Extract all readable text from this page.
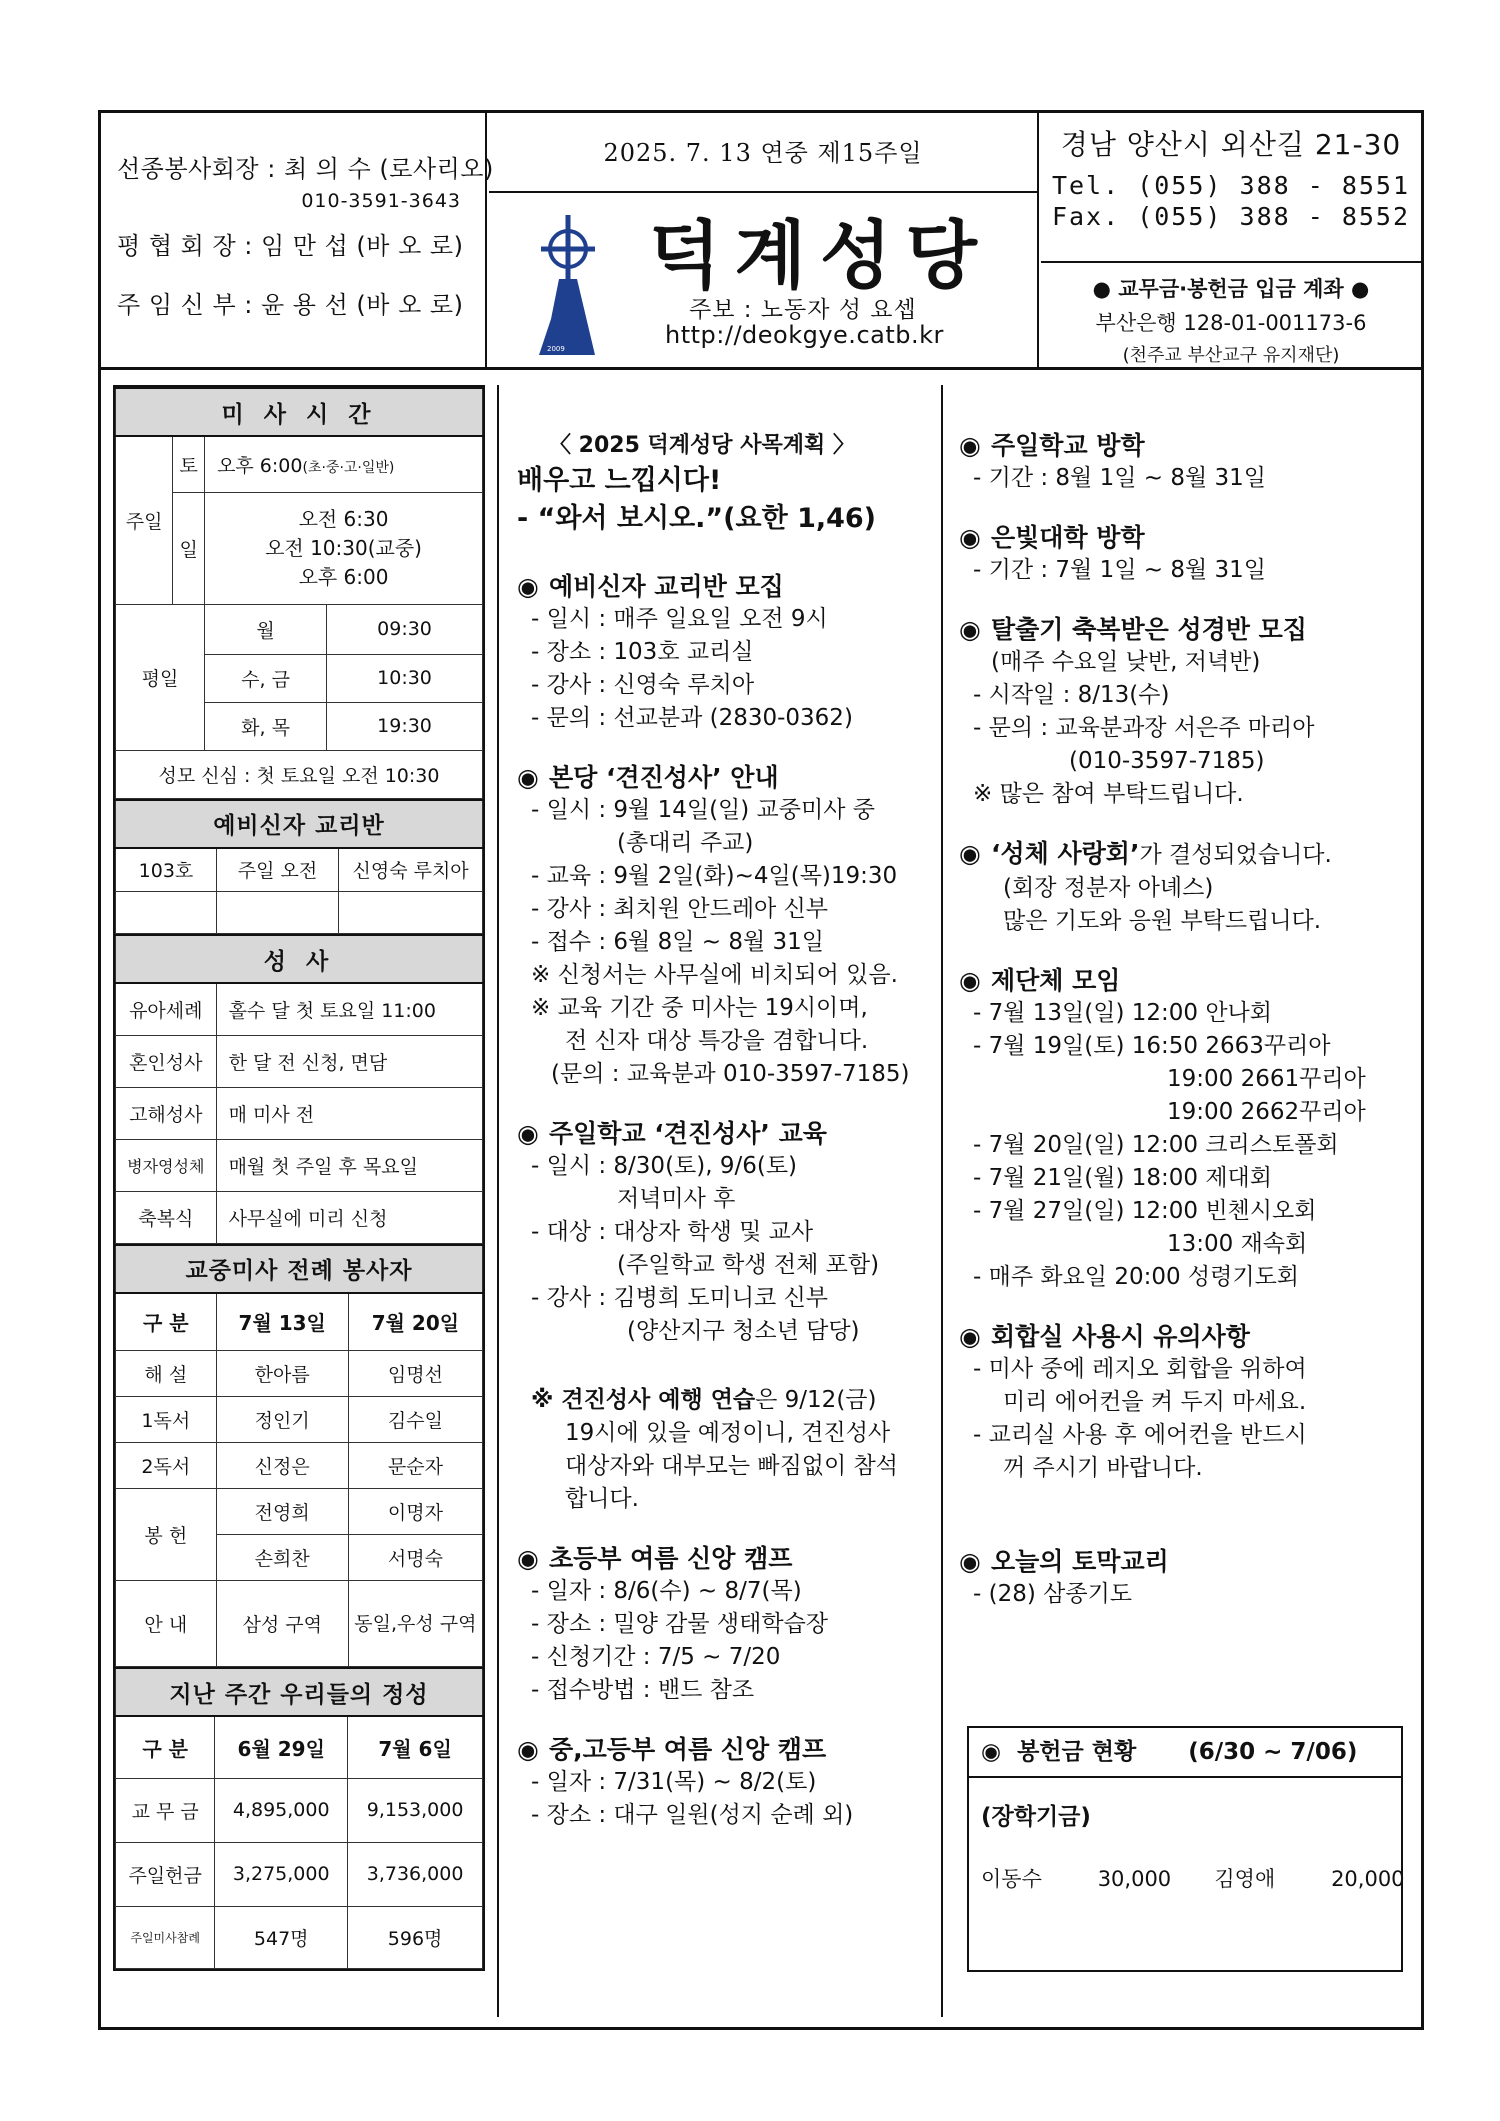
선종봉사회장 : 최 의 수 (로사리오)
010-3591-3643
평 협 회 장 : 임 만 섭 (바 오 로)
주 임 신 부 : 윤 용 선 (바 오 로)
2025. 7. 13 연중 제15주일
2009
덕계성당
주보 : 노동자 성 요셉
http://deokgye.catb.kr
경남 양산시 외산길 21-30
Tel. (055) 388 - 8551
Fax. (055) 388 - 8552
● 교무금·봉헌금 입금 계좌 ●
부산은행 128-01-001173-6
(천주교 부산교구 유지재단)
미 사 시 간			
주일	토	오후 6:00(초·중·고·일반)	
	일	오전 6:30
오전 10:30(교중)
오후 6:00	

평일		월	09:30
		수, 금	10:30
		화, 목	19:30
성모 신심 : 첫 토요일 오전 10:30			
예비신자 교리반		
103호	주일 오전	신영숙 루치아

성 사	
유아세례	홀수 달 첫 토요일 11:00
혼인성사	한 달 전 신청, 면담
고해성사	매 미사 전
병자영성체	매월 첫 주일 후 목요일
축복식	사무실에 미리 신청
교중미사 전례 봉사자		
구 분	7월 13일	7월 20일
해 설	한아름	임명선
1독서	정인기	김수일
2독서	신정은	문순자
봉 헌	전영희	이명자
	손희찬	서명숙
안 내	삼성 구역	동일,우성 구역
지난 주간 우리들의 정성		
구 분	6월 29일	7월 6일
교 무 금	4,895,000	9,153,000
주일헌금	3,275,000	3,736,000
주일미사참례	547명	596명

〈 2025 덕계성당 사목계획 〉

배우고 느낍시다!

- “와서 보시오.”(요한 1,46)

◉ 예비신자 교리반 모집

- 일시 : 매주 일요일 오전 9시

- 장소 : 103호 교리실

- 강사 : 신영숙 루치아

- 문의 : 선교분과 (2830-0362)

◉ 본당 ‘견진성사’ 안내

- 일시 : 9월 14일(일) 교중미사 중

(총대리 주교)

- 교육 : 9월 2일(화)~4일(목)19:30

- 강사 : 최치원 안드레아 신부

- 접수 : 6월 8일 ~ 8월 31일

※ 신청서는 사무실에 비치되어 있음.

※ 교육 기간 중 미사는 19시이며,

전 신자 대상 특강을 겸합니다.

(문의 : 교육분과 010-3597-7185)

◉ 주일학교 ‘견진성사’ 교육

- 일시 : 8/30(토), 9/6(토)

저녁미사 후

- 대상 : 대상자 학생 및 교사

(주일학교 학생 전체 포함)

- 강사 : 김병희 도미니코 신부

(양산지구 청소년 담당)

※ 견진성사 예행 연습은 9/12(금)

19시에 있을 예정이니, 견진성사

대상자와 대부모는 빠짐없이 참석

합니다.

◉ 초등부 여름 신앙 캠프

- 일자 : 8/6(수) ~ 8/7(목)

- 장소 : 밀양 감물 생태학습장

- 신청기간 : 7/5 ~ 7/20

- 접수방법 : 밴드 참조

◉ 중,고등부 여름 신앙 캠프

- 일자 : 7/31(목) ~ 8/2(토)

- 장소 : 대구 일원(성지 순례 외)

◉ 주일학교 방학

- 기간 : 8월 1일 ~ 8월 31일

◉ 은빛대학 방학

- 기간 : 7월 1일 ~ 8월 31일

◉ 탈출기 축복받은 성경반 모집

(매주 수요일 낮반, 저녁반)

- 시작일 : 8/13(수)

- 문의 : 교육분과장 서은주 마리아

(010-3597-7185)

※ 많은 참여 부탁드립니다.

◉ ‘성체 사랑회’가 결성되었습니다.

(회장 정분자 아녜스)

많은 기도와 응원 부탁드립니다.

◉ 제단체 모임

- 7월 13일(일) 12:00 안나회

- 7월 19일(토) 16:50 2663꾸리아

19:00 2661꾸리아

19:00 2662꾸리아

- 7월 20일(일) 12:00 크리스토폴회

- 7월 21일(월) 18:00 제대회

- 7월 27일(일) 12:00 빈첸시오회

13:00 재속회

- 매주 화요일 20:00 성령기도회

◉ 회합실 사용시 유의사항

- 미사 중에 레지오 회합을 위하여

미리 에어컨을 켜 두지 마세요.

- 교리실 사용 후 에어컨을 반드시

꺼 주시기 바랍니다.

◉ 오늘의 토막교리

- (28) 삼종기도

◉ 봉헌금 현황 (6/30 ~ 7/06)
(장학기금)
이동수	30,000 김영애	20,000
